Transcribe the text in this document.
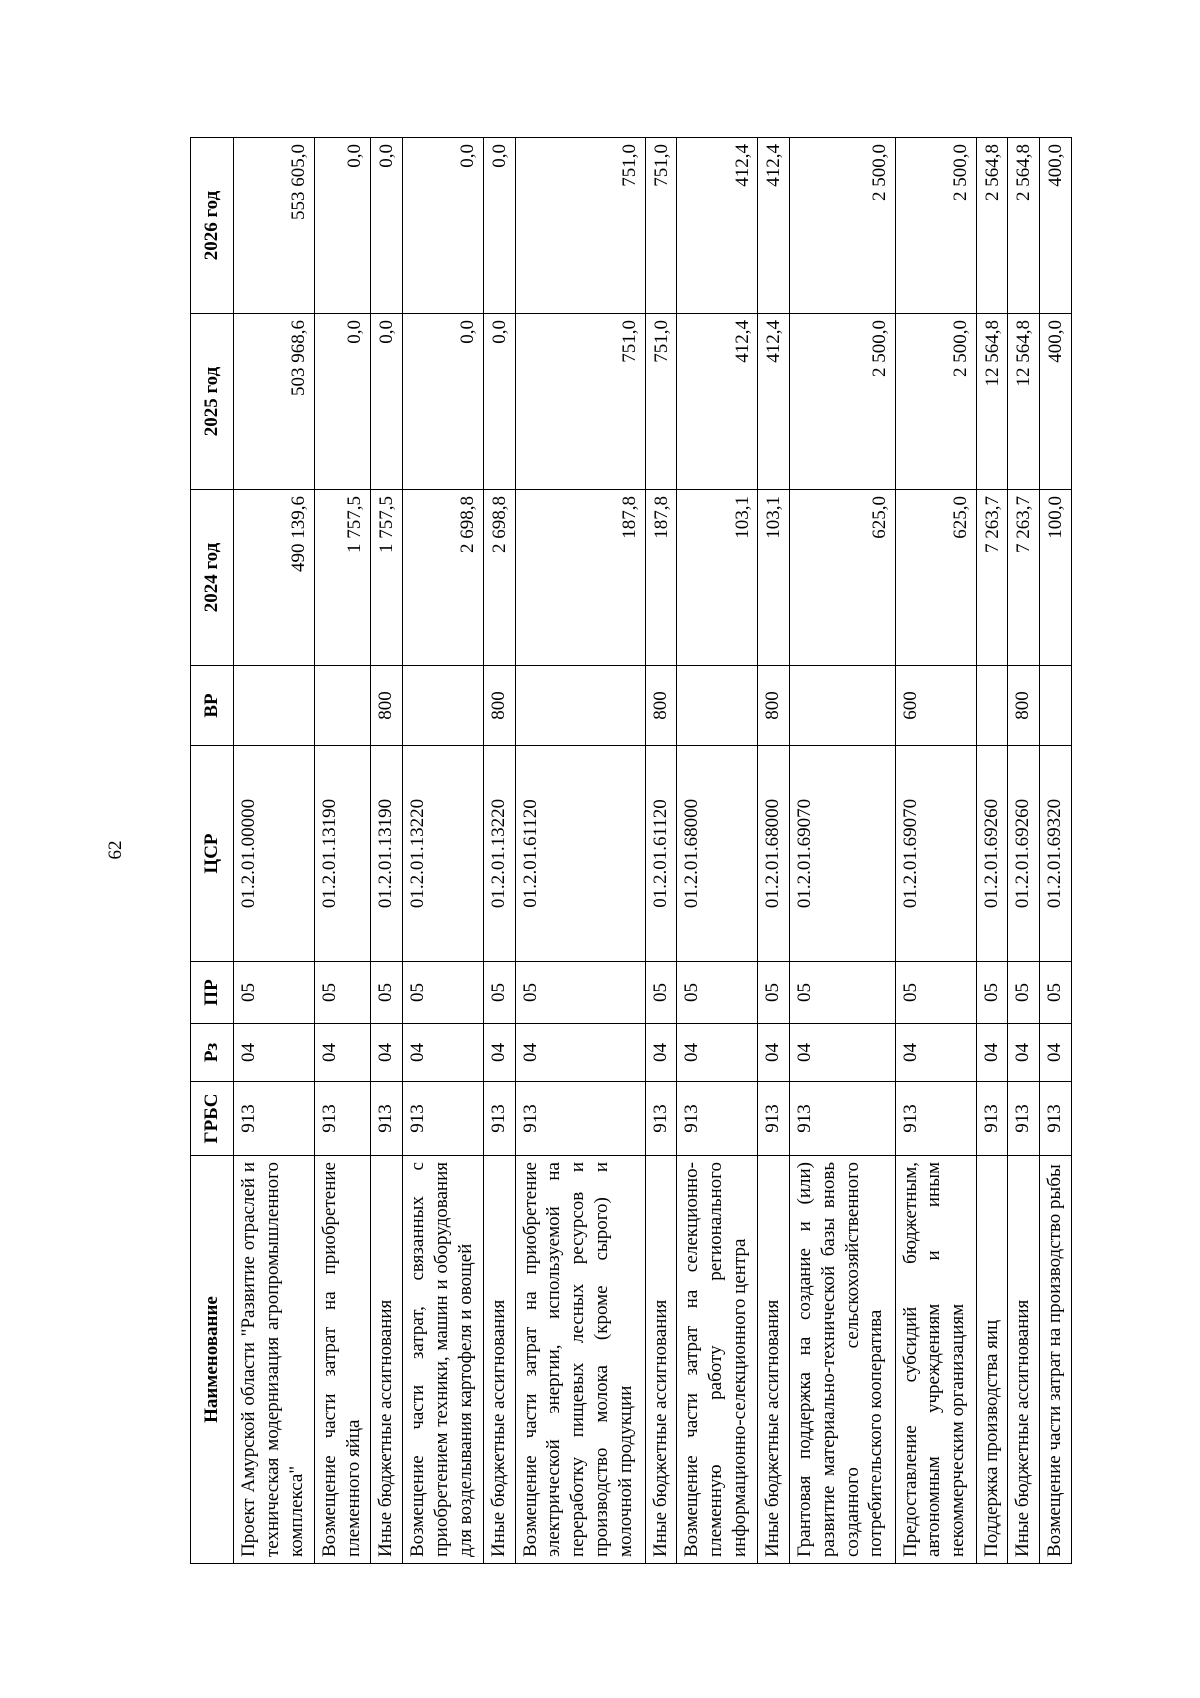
62
Наименование	ГРБС	Рз	ПР	ЦСР	ВР	2024 год	2025 год	2026 год
Проект Амурской области "Развитие отраслей и техническая модернизация агропромышленного комплекса"	913	04	05	01.2.01.00000		490 139,6	503 968,6	553 605,0
Возмещение части затрат на приобретение племенного яйца	913	04	05	01.2.01.13190		1 757,5	0,0	0,0
Иные бюджетные ассигнования	913	04	05	01.2.01.13190	800	1 757,5	0,0	0,0
Возмещение части затрат, связанных с приобретением техники, машин и оборудования для возделывания картофеля и овощей	913	04	05	01.2.01.13220		2 698,8	0,0	0,0
Иные бюджетные ассигнования	913	04	05	01.2.01.13220	800	2 698,8	0,0	0,0
Возмещение части затрат на приобретение электрической энергии, используемой на переработку пищевых лесных ресурсов и производство молока (кроме сырого) и молочной продукции	913	04	05	01.2.01.61120		187,8	751,0	751,0
Иные бюджетные ассигнования	913	04	05	01.2.01.61120	800	187,8	751,0	751,0
Возмещение части затрат на селекционно-племенную работу регионального информационно-селекционного центра	913	04	05	01.2.01.68000		103,1	412,4	412,4
Иные бюджетные ассигнования	913	04	05	01.2.01.68000	800	103,1	412,4	412,4
Грантовая поддержка на создание и (или) развитие материально-технической базы вновь созданного сельскохозяйственного потребительского кооператива	913	04	05	01.2.01.69070		625,0	2 500,0	2 500,0
Предоставление субсидий бюджетным, автономным учреждениям и иным некоммерческим организациям	913	04	05	01.2.01.69070	600	625,0	2 500,0	2 500,0
Поддержка производства яиц	913	04	05	01.2.01.69260		7 263,7	12 564,8	2 564,8
Иные бюджетные ассигнования	913	04	05	01.2.01.69260	800	7 263,7	12 564,8	2 564,8
Возмещение части затрат на производство рыбы	913	04	05	01.2.01.69320		100,0	400,0	400,0
